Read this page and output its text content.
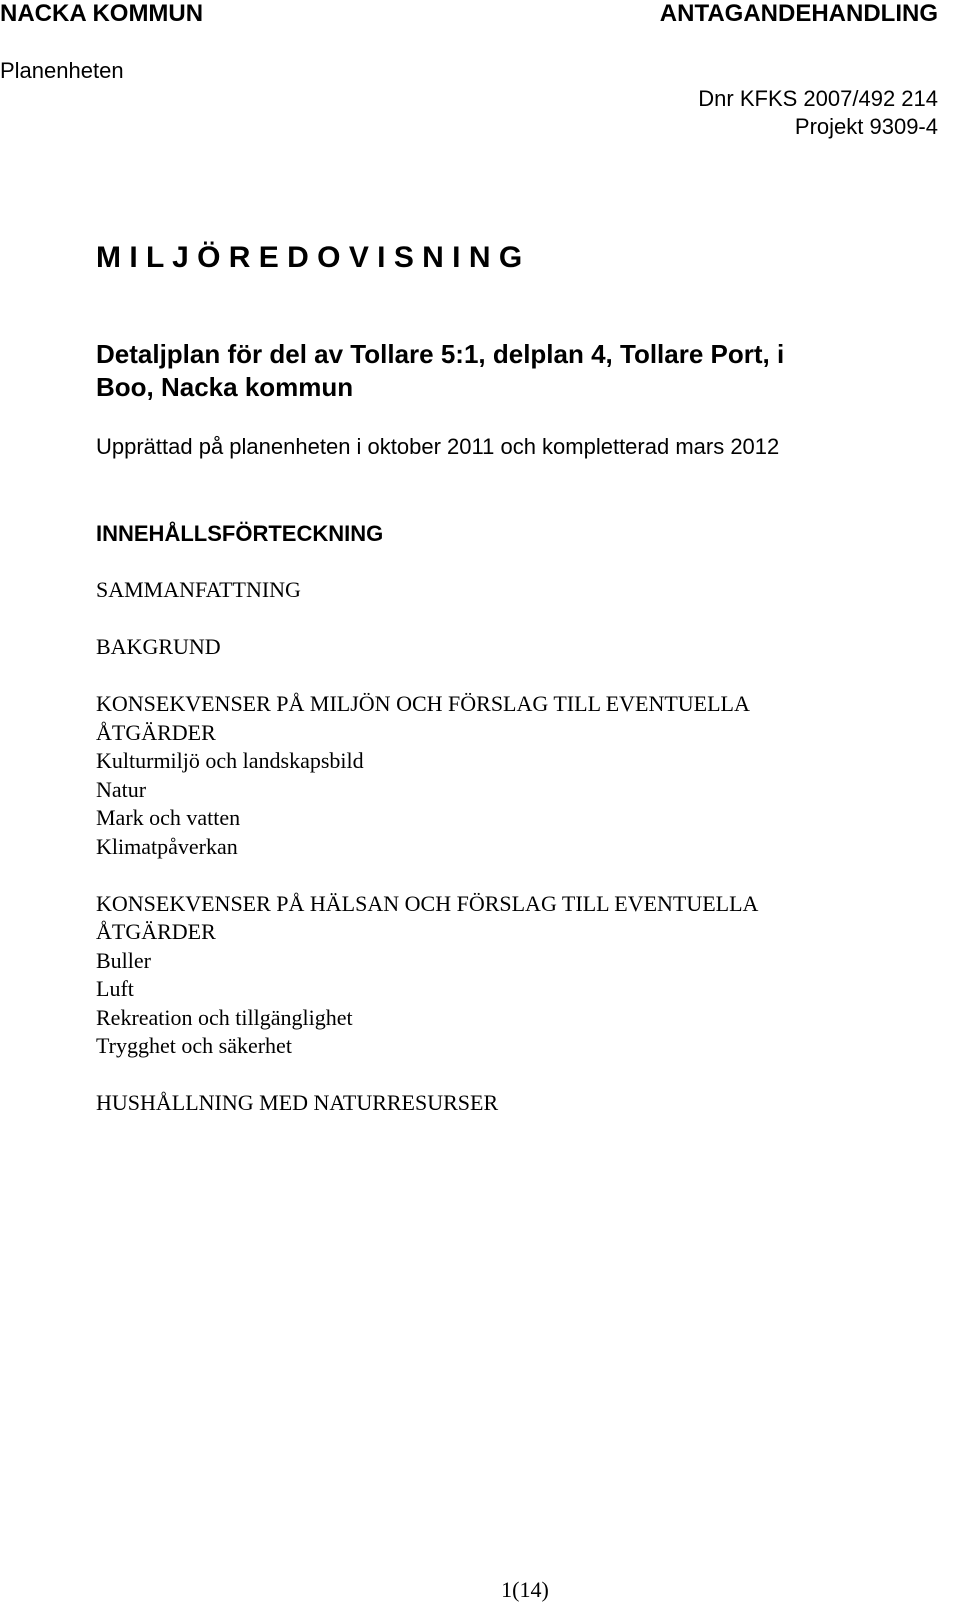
NACKA KOMMUN	ANTAGANDEHANDLING
Planenheten
Dnr KFKS 2007/492 214
Projekt 9309-4
M I L J Ö R E D O V I S N I N G
Detaljplan för del av Tollare 5:1, delplan 4, Tollare Port, i
Boo, Nacka kommun
Upprättad på planenheten i oktober 2011 och kompletterad mars 2012
INNEHÅLLSFÖRTECKNING
SAMMANFATTNING
BAKGRUND
KONSEKVENSER PÅ MILJÖN OCH FÖRSLAG TILL EVENTUELLA
ÅTGÄRDER
Kulturmiljö och landskapsbild
Natur
Mark och vatten
Klimatpåverkan
KONSEKVENSER PÅ HÄLSAN OCH FÖRSLAG TILL EVENTUELLA
ÅTGÄRDER
Buller
Luft
Rekreation och tillgänglighet
Trygghet och säkerhet
HUSHÅLLNING MED NATURRESURSER
1(14)
